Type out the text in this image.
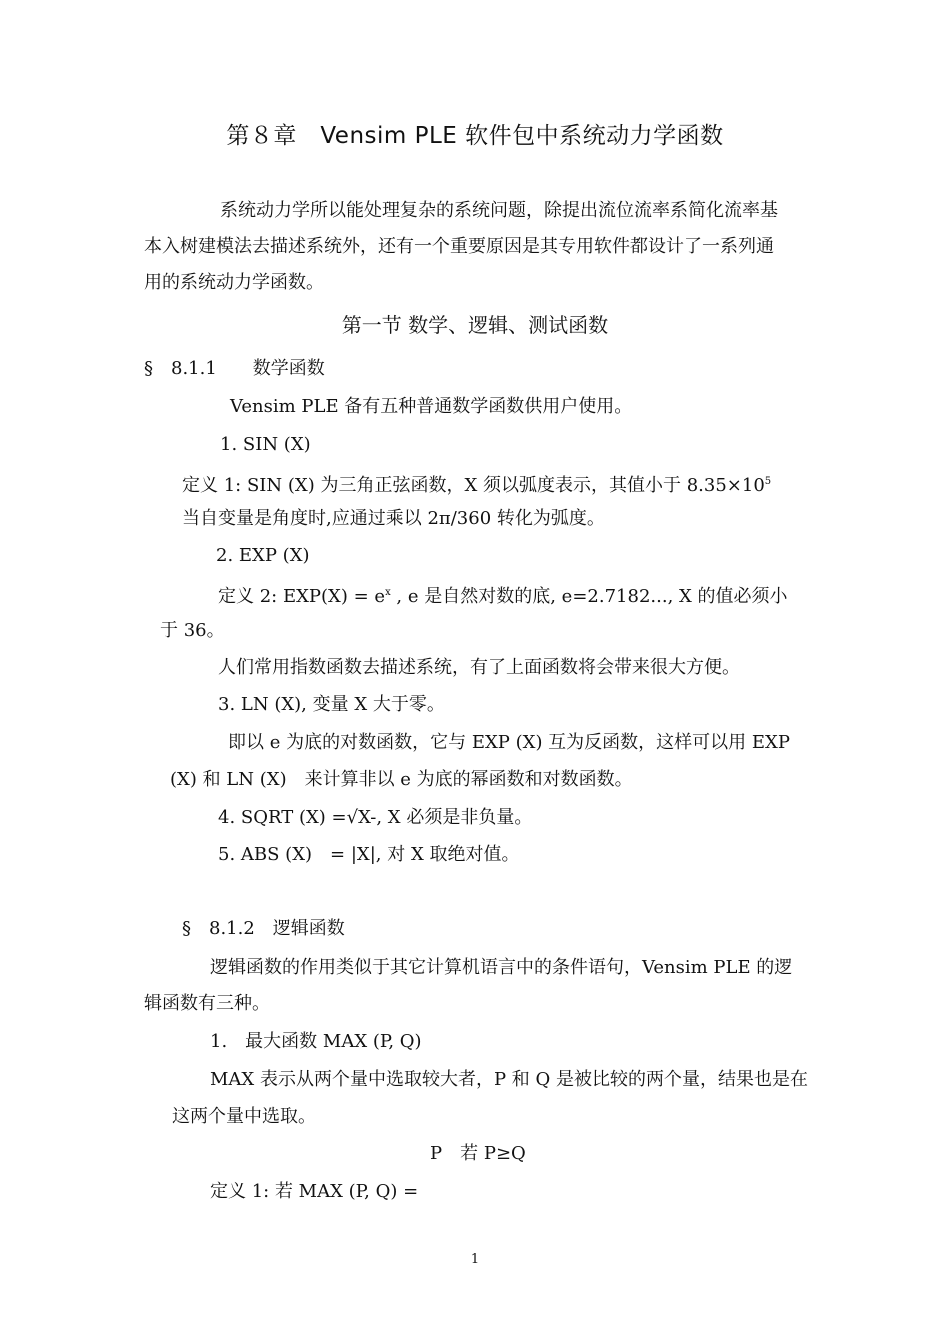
第８章　Vensim PLE 软件包中系统动力学函数
系统动力学所以能处理复杂的系统问题，除提出流位流率系简化流率基
本入树建模法去描述系统外，还有一个重要原因是其专用软件都设计了一系列通
用的系统动力学函数。
第一节 数学、逻辑、测试函数
§　8.1.1　　数学函数
Vensim PLE 备有五种普通数学函数供用户使用。
1. SIN (X)
定义 1: SIN (X) 为三角正弦函数，X 须以弧度表示，其值小于 $8.35\times 10^5$
当自变量是角度时,应通过乘以 2π/360 转化为弧度。
2. EXP (X)
定义 2: $EXP(X) = e^x$ , e 是自然对数的底, e=2.7182..., X 的值必须小
于 36。
人们常用指数函数去描述系统，有了上面函数将会带来很大方便。
3. LN (X), 变量 X 大于零。
即以 e 为底的对数函数，它与 EXP (X) 互为反函数，这样可以用 EXP
(X) 和 LN (X)　来计算非以 e 为底的幂函数和对数函数。
4. SQRT (X) =√X-, X 必须是非负量。
5. ABS (X)　= |X|, 对 X 取绝对值。
§　8.1.2　逻辑函数
逻辑函数的作用类似于其它计算机语言中的条件语句，Vensim PLE 的逻
辑函数有三种。
1.　最大函数 MAX (P, Q)
MAX 表示从两个量中选取较大者，P 和 Q 是被比较的两个量，结果也是在
这两个量中选取。
P　若 P≥Q
定义 1: 若 MAX (P, Q) =
1
